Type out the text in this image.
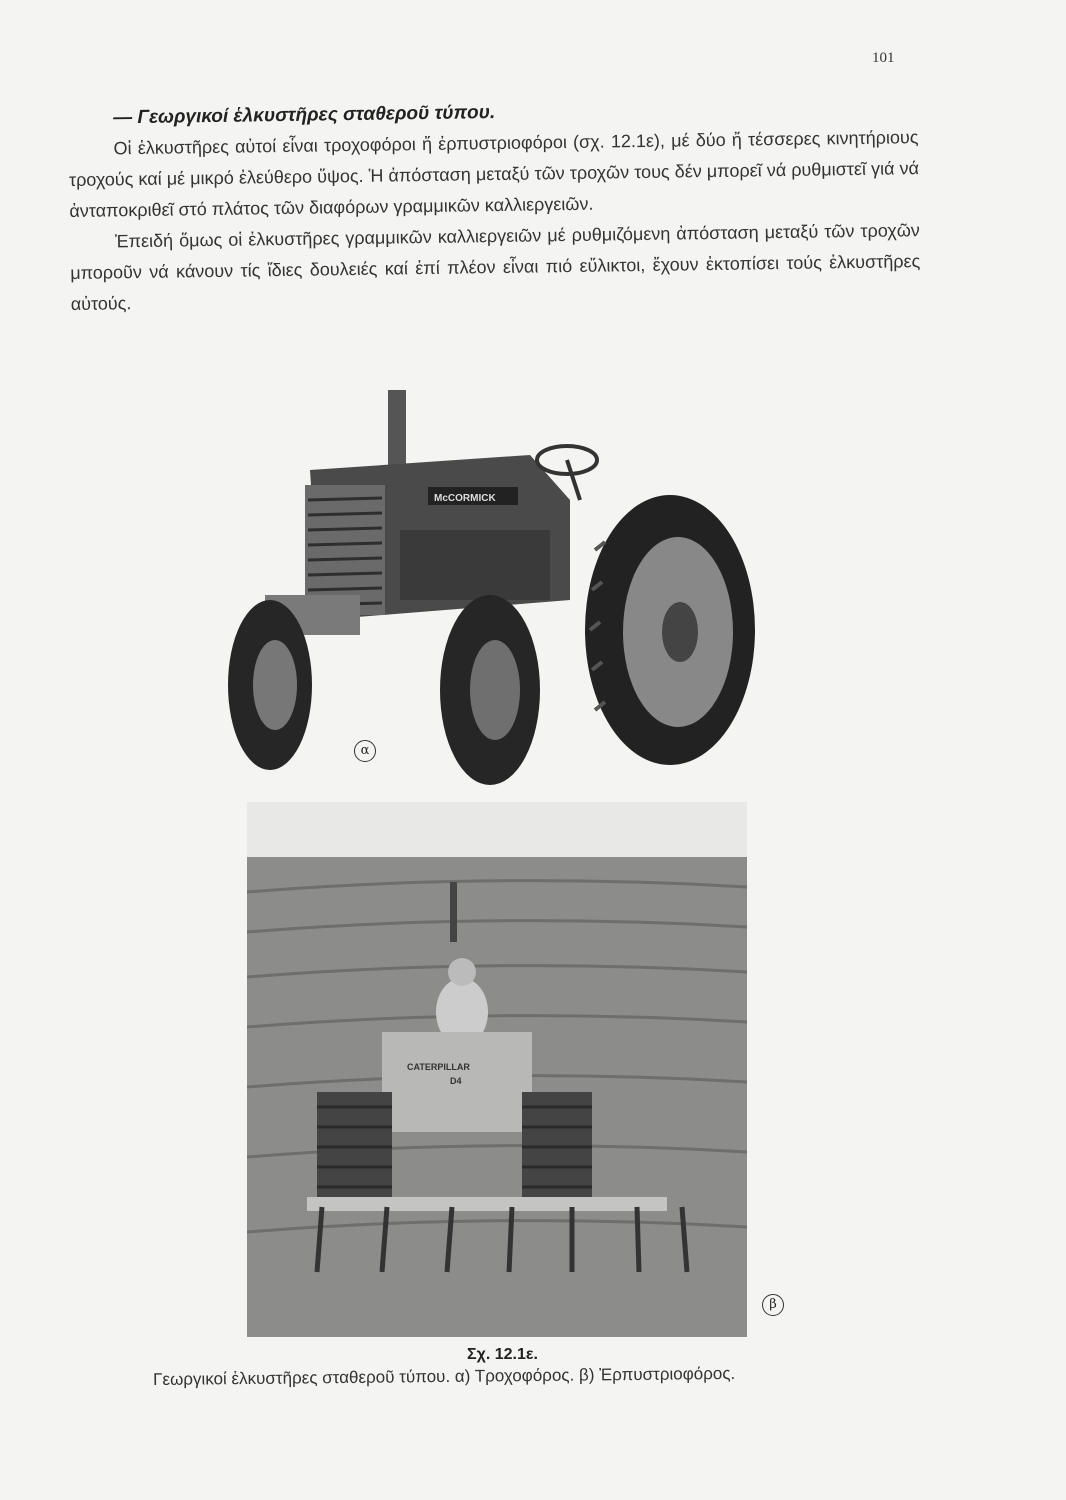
101

— Γεωργικοί ἑλκυστῆρες σταθεροῦ τύπου.

Οἱ ἑλκυστῆρες αὐτοί εἶναι τροχοφόροι ἤ ἐρπυστριοφόροι (σχ. 12.1ε), μέ δύο ἤ τέσσερες κινητήριους τροχούς καί μέ μικρό ἐλεύθερο ὕψος. Ἡ ἀπόσταση μεταξύ τῶν τροχῶν τους δέν μπορεῖ νά ρυθμιστεῖ γιά νά ἀνταποκριθεῖ στό πλάτος τῶν διαφόρων γραμμικῶν καλλιεργειῶν.

Ἐπειδή ὅμως οἱ ἑλκυστῆρες γραμμικῶν καλλιεργειῶν μέ ρυθμιζόμενη ἀπόσταση μεταξύ τῶν τροχῶν μποροῦν νά κάνουν τίς ἴδιες δουλειές καί ἐπί πλέον εἶναι πιό εὔλικτοι, ἔχουν ἐκτοπίσει τούς ἑλκυστῆρες αὐτούς.

McCORMICK
α
CATERPILLAR
D4
β
Σχ. 12.1ε.
Γεωργικοί ἑλκυστῆρες σταθεροῦ τύπου. α) Τροχοφόρος. β) Ἐρπυστριοφόρος.
